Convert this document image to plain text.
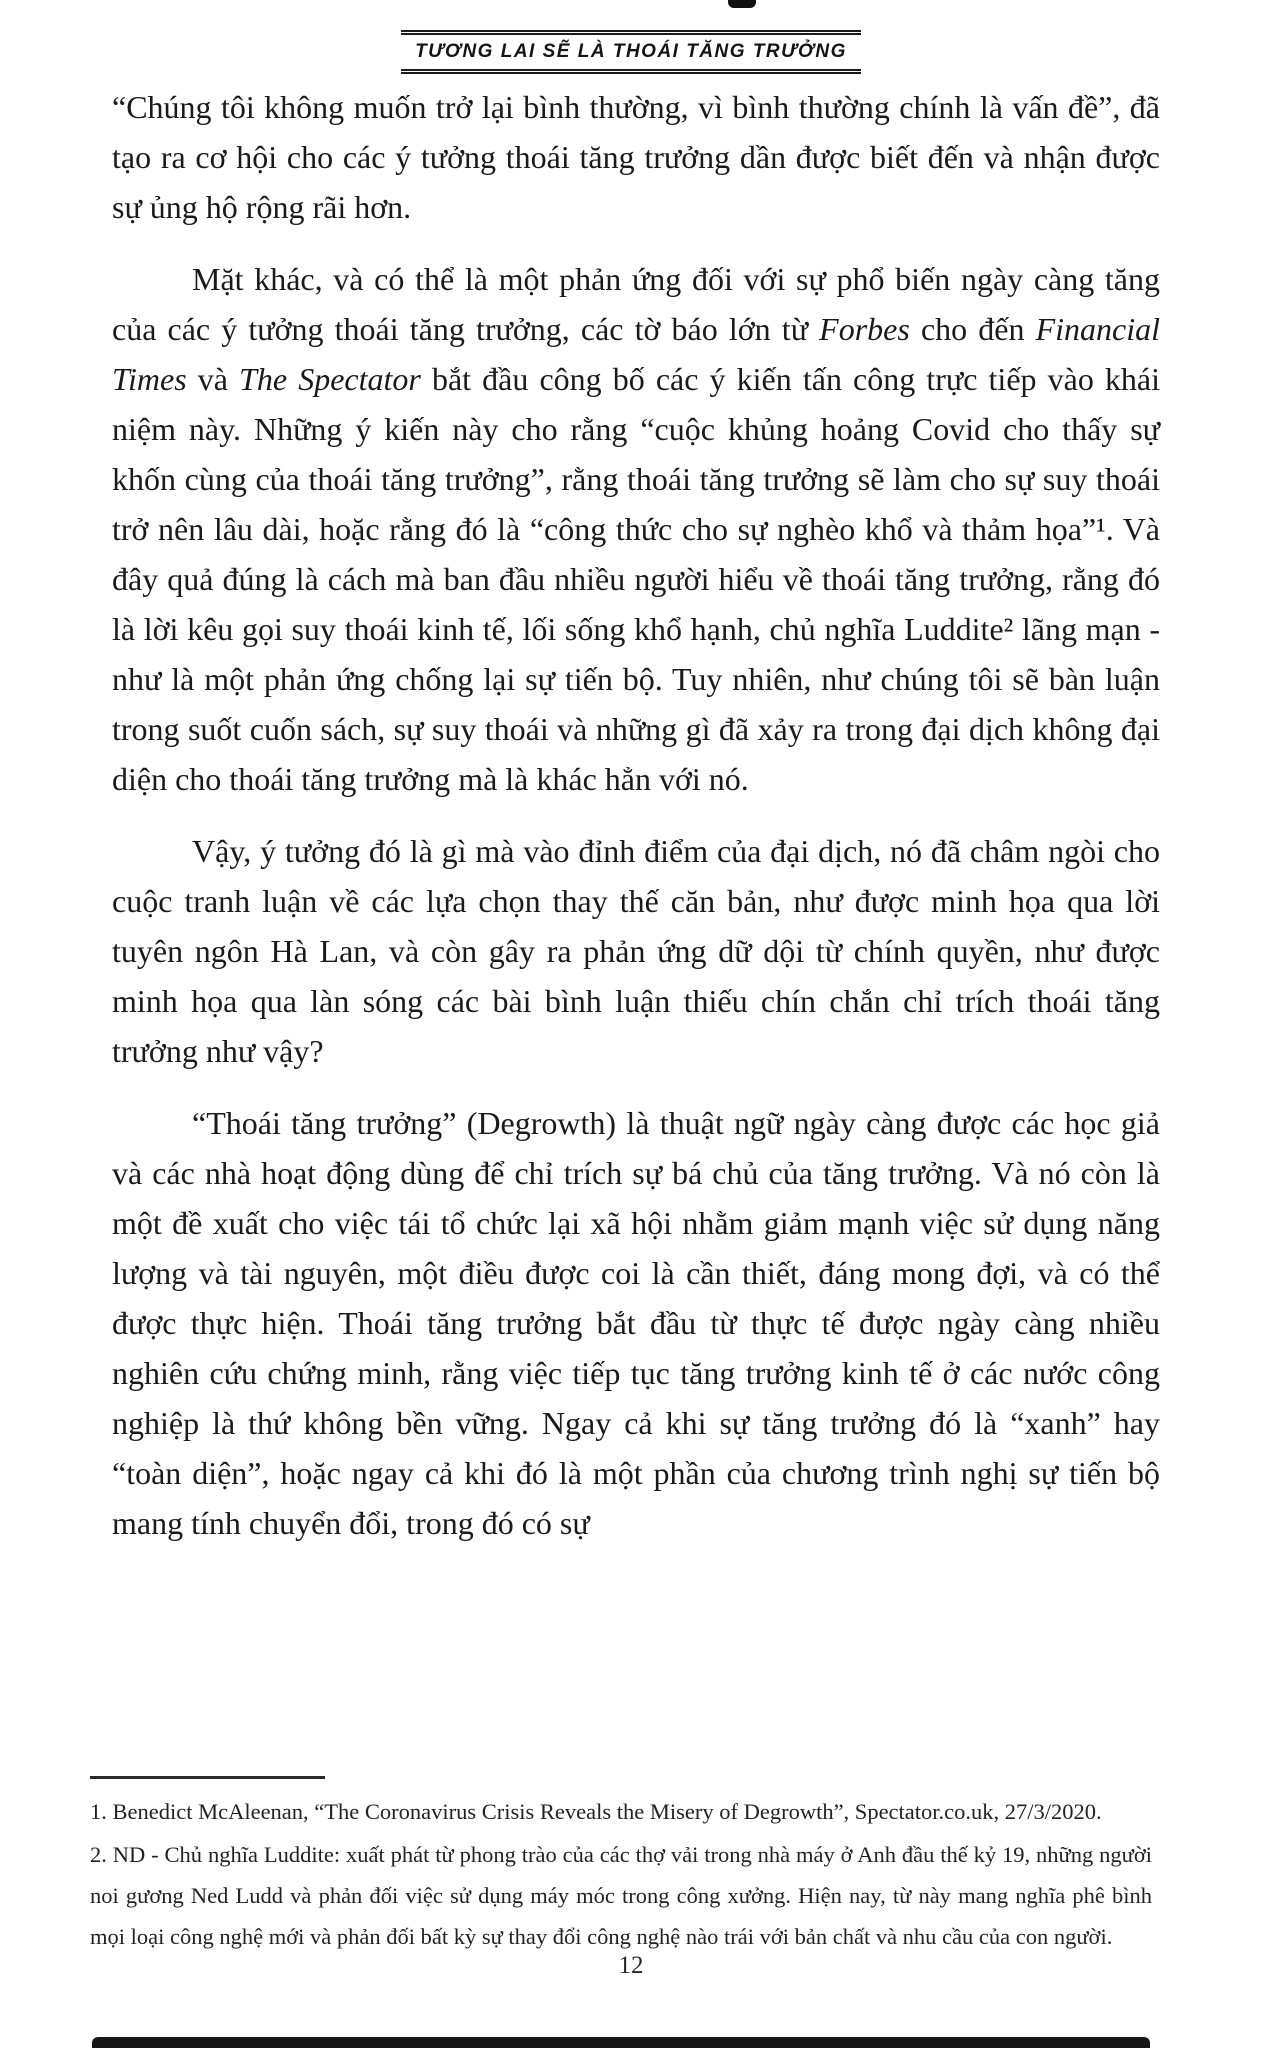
TƯƠNG LAI SẼ LÀ THOÁI TĂNG TRƯỞNG

“Chúng tôi không muốn trở lại bình thường, vì bình thường chính là vấn đề”, đã tạo ra cơ hội cho các ý tưởng thoái tăng trưởng dần được biết đến và nhận được sự ủng hộ rộng rãi hơn.

Mặt khác, và có thể là một phản ứng đối với sự phổ biến ngày càng tăng của các ý tưởng thoái tăng trưởng, các tờ báo lớn từ Forbes cho đến Financial Times và The Spectator bắt đầu công bố các ý kiến tấn công trực tiếp vào khái niệm này. Những ý kiến này cho rằng “cuộc khủng hoảng Covid cho thấy sự khốn cùng của thoái tăng trưởng”, rằng thoái tăng trưởng sẽ làm cho sự suy thoái trở nên lâu dài, hoặc rằng đó là “công thức cho sự nghèo khổ và thảm họa”¹. Và đây quả đúng là cách mà ban đầu nhiều người hiểu về thoái tăng trưởng, rằng đó là lời kêu gọi suy thoái kinh tế, lối sống khổ hạnh, chủ nghĩa Luddite² lãng mạn - như là một phản ứng chống lại sự tiến bộ. Tuy nhiên, như chúng tôi sẽ bàn luận trong suốt cuốn sách, sự suy thoái và những gì đã xảy ra trong đại dịch không đại diện cho thoái tăng trưởng mà là khác hẳn với nó.

Vậy, ý tưởng đó là gì mà vào đỉnh điểm của đại dịch, nó đã châm ngòi cho cuộc tranh luận về các lựa chọn thay thế căn bản, như được minh họa qua lời tuyên ngôn Hà Lan, và còn gây ra phản ứng dữ dội từ chính quyền, như được minh họa qua làn sóng các bài bình luận thiếu chín chắn chỉ trích thoái tăng trưởng như vậy?

“Thoái tăng trưởng” (Degrowth) là thuật ngữ ngày càng được các học giả và các nhà hoạt động dùng để chỉ trích sự bá chủ của tăng trưởng. Và nó còn là một đề xuất cho việc tái tổ chức lại xã hội nhằm giảm mạnh việc sử dụng năng lượng và tài nguyên, một điều được coi là cần thiết, đáng mong đợi, và có thể được thực hiện. Thoái tăng trưởng bắt đầu từ thực tế được ngày càng nhiều nghiên cứu chứng minh, rằng việc tiếp tục tăng trưởng kinh tế ở các nước công nghiệp là thứ không bền vững. Ngay cả khi sự tăng trưởng đó là “xanh” hay “toàn diện”, hoặc ngay cả khi đó là một phần của chương trình nghị sự tiến bộ mang tính chuyển đổi, trong đó có sự

1. Benedict McAleenan, “The Coronavirus Crisis Reveals the Misery of Degrowth”, Spectator.co.uk, 27/3/2020.

2. ND - Chủ nghĩa Luddite: xuất phát từ phong trào của các thợ vải trong nhà máy ở Anh đầu thế kỷ 19, những người noi gương Ned Ludd và phản đối việc sử dụng máy móc trong công xưởng. Hiện nay, từ này mang nghĩa phê bình mọi loại công nghệ mới và phản đối bất kỳ sự thay đổi công nghệ nào trái với bản chất và nhu cầu của con người.

12
